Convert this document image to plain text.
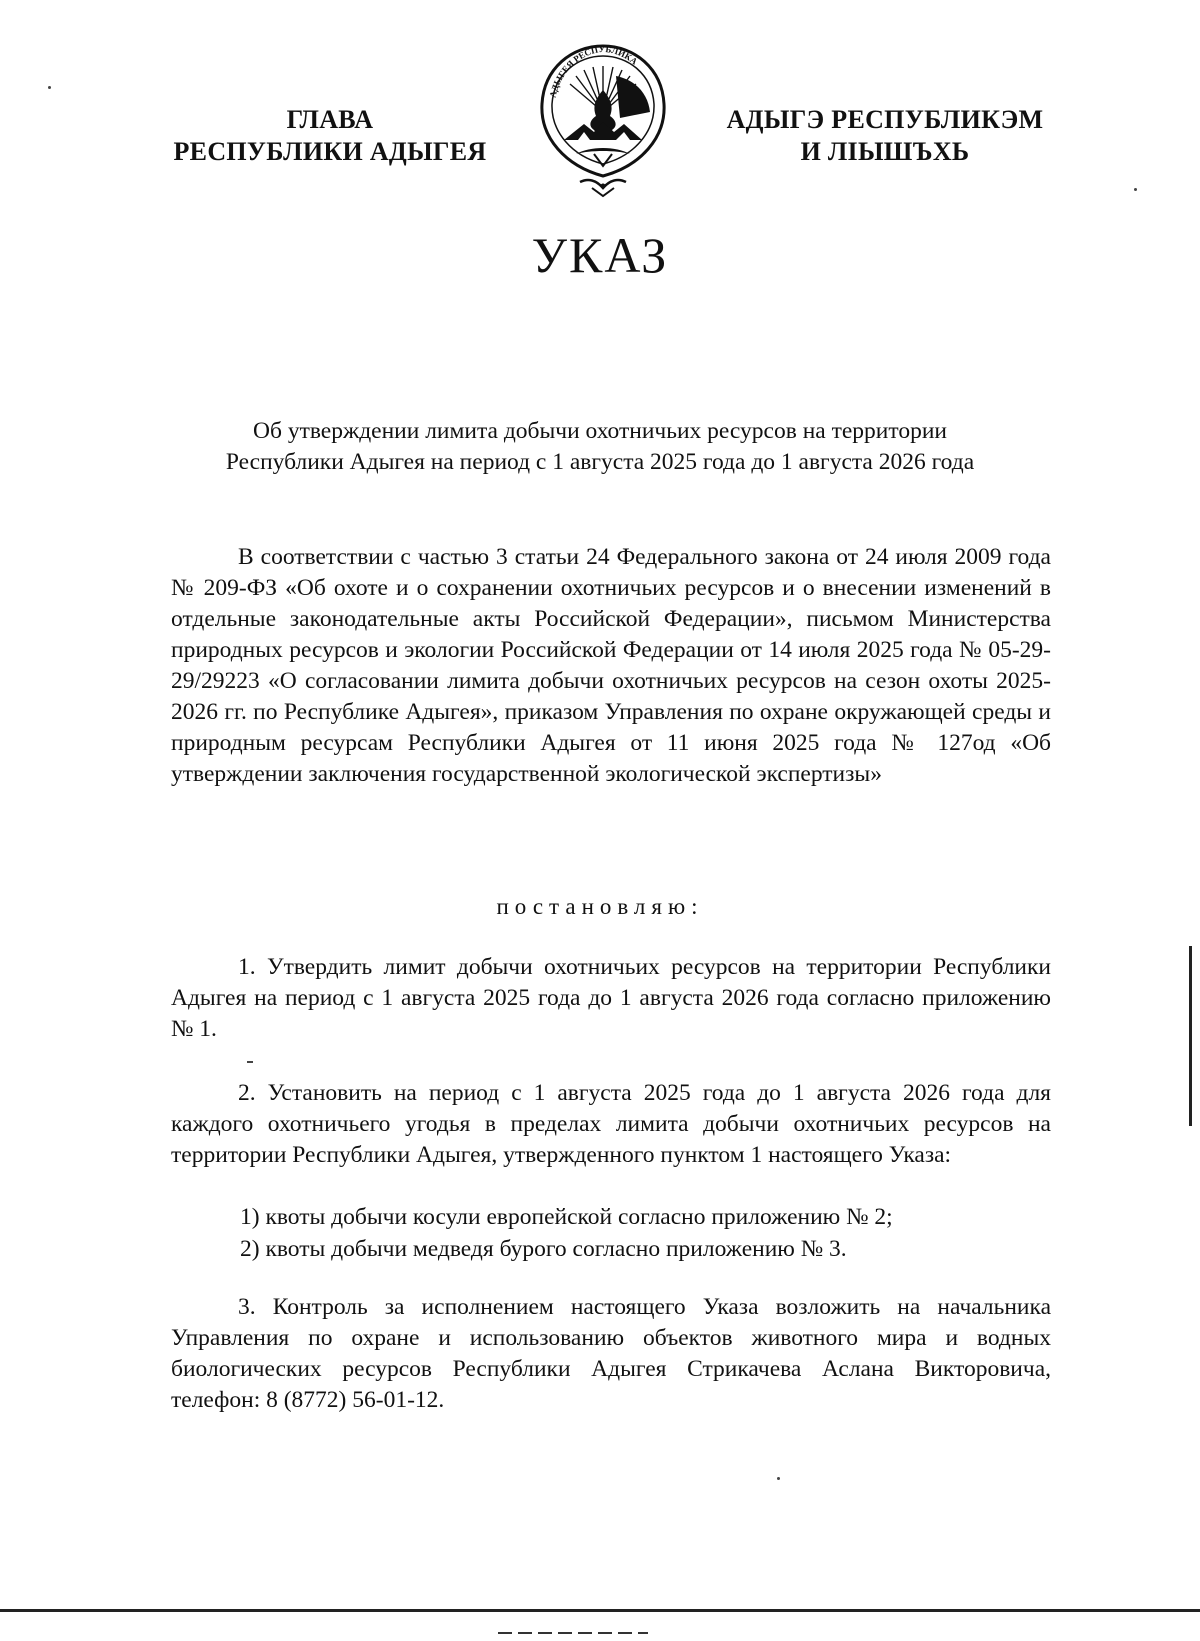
ГЛАВА
РЕСПУБЛИКИ АДЫГЕЯ
АДЫГЕЯ РЕСПУБЛИКА
АДЫГЭ РЕСПУБЛИКЭМ
И ЛІЫШЪХЬ
УКАЗ
Об утверждении лимита добычи охотничьих ресурсов на территории
Республики Адыгея на период с 1 августа 2025 года до 1 августа 2026 года

В соответствии с частью 3 статьи 24 Федерального закона от 24 июля 2009 года № 209-ФЗ «Об охоте и о сохранении охотничьих ресурсов и о внесении изменений в отдельные законодательные акты Российской Федерации», письмом Министерства природных ресурсов и экологии Российской Федерации от 14 июля 2025 года № 05-29-29/29223 «О согласовании лимита добычи охотничьих ресурсов на сезон охоты 2025-2026 гг. по Республике Адыгея», приказом Управления по охране окружающей среды и природным ресурсам Республики Адыгея от 11 июня 2025 года № 127од «Об утверждении заключения государственной экологической экспертизы»

постановляю:

1. Утвердить лимит добычи охотничьих ресурсов на территории Республики Адыгея на период с 1 августа 2025 года до 1 августа 2026 года согласно приложению № 1.

2. Установить на период с 1 августа 2025 года до 1 августа 2026 года для каждого охотничьего угодья в пределах лимита добычи охотничьих ресурсов на территории Республики Адыгея, утвержденного пунктом 1 настоящего Указа:

1) квоты добычи косули европейской согласно приложению № 2;
2) квоты добычи медведя бурого согласно приложению № 3.

3. Контроль за исполнением настоящего Указа возложить на начальника Управления по охране и использованию объектов животного мира и водных биологических ресурсов Республики Адыгея Стрикачева Аслана Викторовича, телефон: 8 (8772) 56-01-12.
